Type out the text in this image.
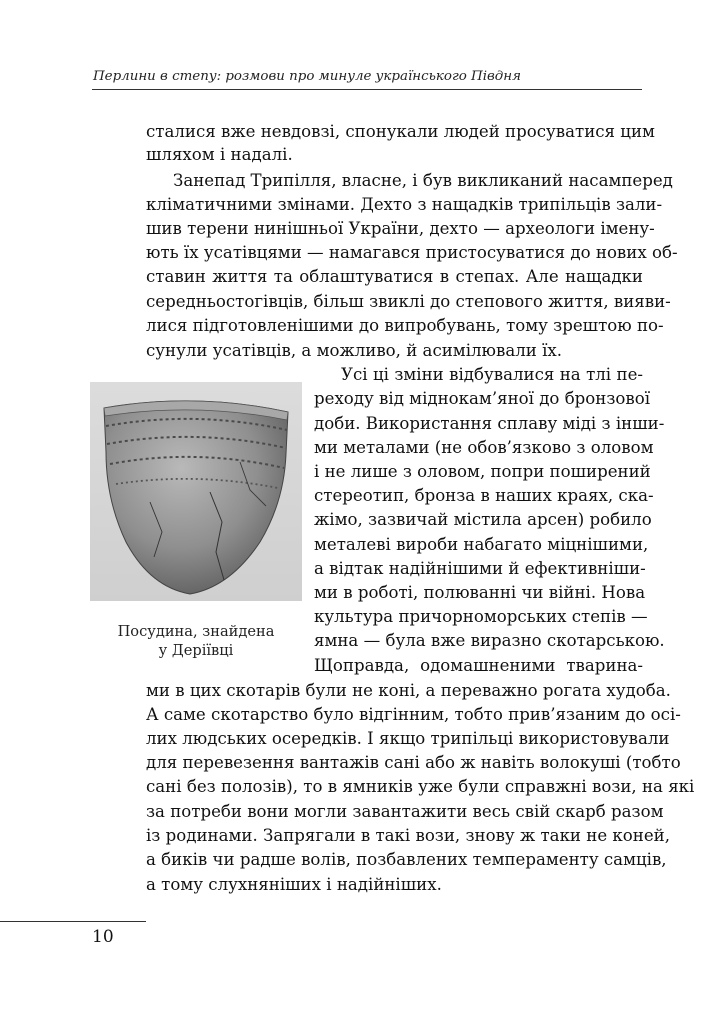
Перлини в степу: розмови про минуле українського Півдня
сталися вже невдовзі, спонукали людей просуватися цим
шляхом і надалі.
Занепад Трипілля, власне, і був викликаний насамперед
кліматичними змінами. Дехто з нащадків трипільців зали-
шив терени нинішньої України, дехто — археологи імену-
ють їх усатівцями — намагався пристосуватися до нових об-
ставин життя та облаштуватися в степах. Але нащадки
середньостогівців, більш звиклі до степового життя, вияви-
лися підготовленішими до випробувань, тому зрештою по-
сунули усатівців, а можливо, й асимілювали їх.
Усі ці зміни відбувалися на тлі пе-
реходу від міднокам’яної до бронзової
доби. Використання сплаву міді з інши-
ми металами (не обов’язково з оловом
і не лише з оловом, попри поширений
стереотип, бронза в наших краях, ска-
жімо, зазвичай містила арсен) робило
металеві вироби набагато міцнішими,
а відтак надійнішими й ефективніши-
ми в роботі, полюванні чи війні. Нова
культура причорноморських степів —
ямна — була вже виразно скотарською.
Щоправда, одомашненими тварина-
ми в цих скотарів були не коні, а переважно рогата худоба.
А саме скотарство було відгінним, тобто прив’язаним до осі-
лих людських осередків. І якщо трипільці використовували
для перевезення вантажів сані або ж навіть волокуші (тобто
сані без полозів), то в ямників уже були справжні вози, на які
за потреби вони могли завантажити весь свій скарб разом
із родинами. Запрягали в такі вози, знову ж таки не коней,
а биків чи радше волів, позбавлених темпераменту самців,
а тому слухняніших і надійніших.
Посудина, знайдена
у Деріївці
10
